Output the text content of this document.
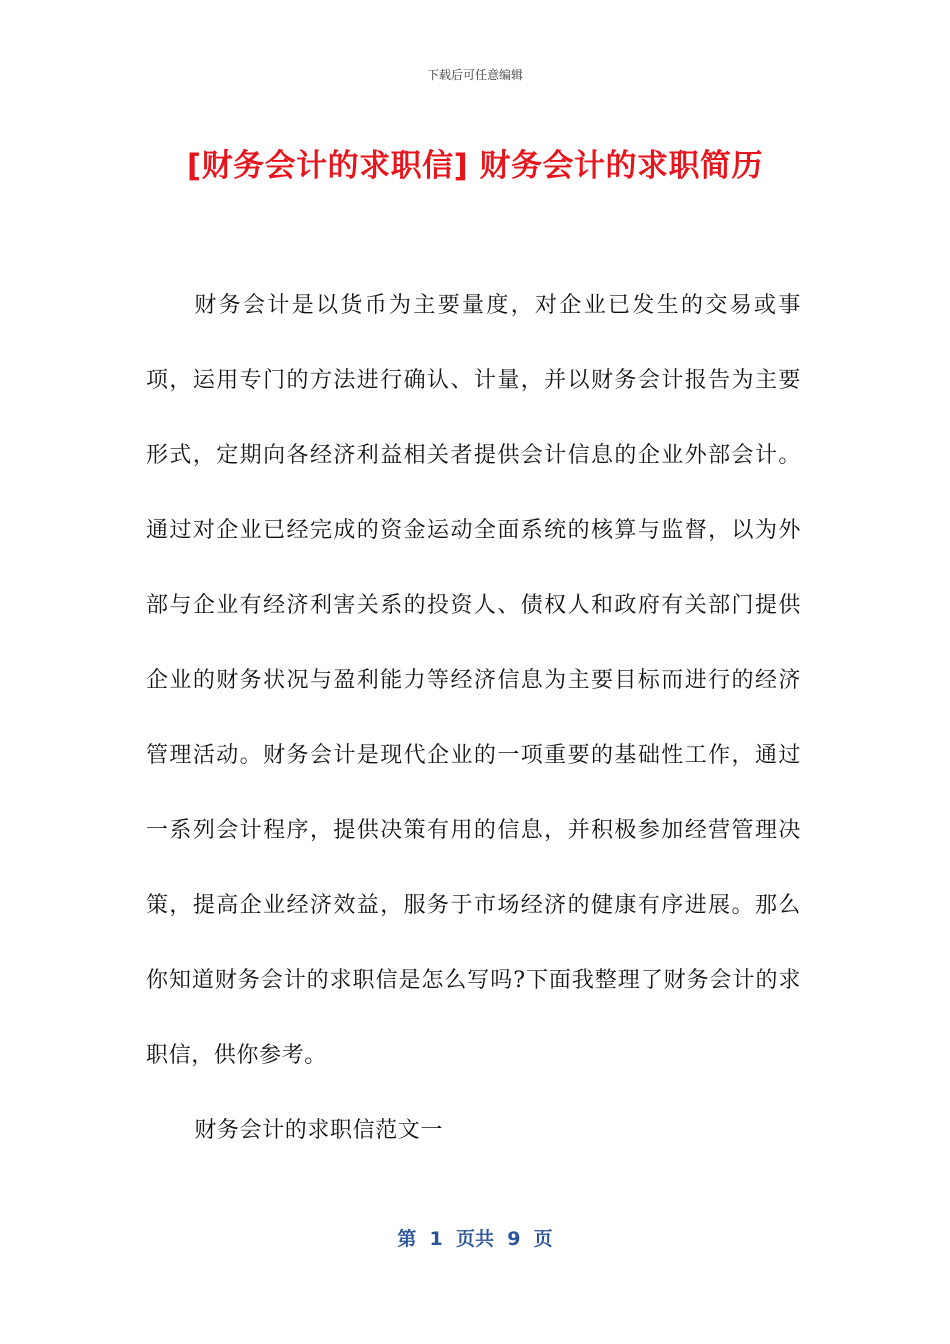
下载后可任意编辑
[财务会计的求职信] 财务会计的求职简历

财务会计是以货币为主要量度，对企业已发生的交易或事项，运用专门的方法进行确认、计量，并以财务会计报告为主要形式，定期向各经济利益相关者提供会计信息的企业外部会计。通过对企业已经完成的资金运动全面系统的核算与监督，以为外部与企业有经济利害关系的投资人、债权人和政府有关部门提供企业的财务状况与盈利能力等经济信息为主要目标而进行的经济管理活动。财务会计是现代企业的一项重要的基础性工作，通过一系列会计程序，提供决策有用的信息，并积极参加经营管理决策，提高企业经济效益，服务于市场经济的健康有序进展。那么你知道财务会计的求职信是怎么写吗?下面我整理了财务会计的求职信，供你参考。

财务会计的求职信范文一

第  1  页共  9  页
